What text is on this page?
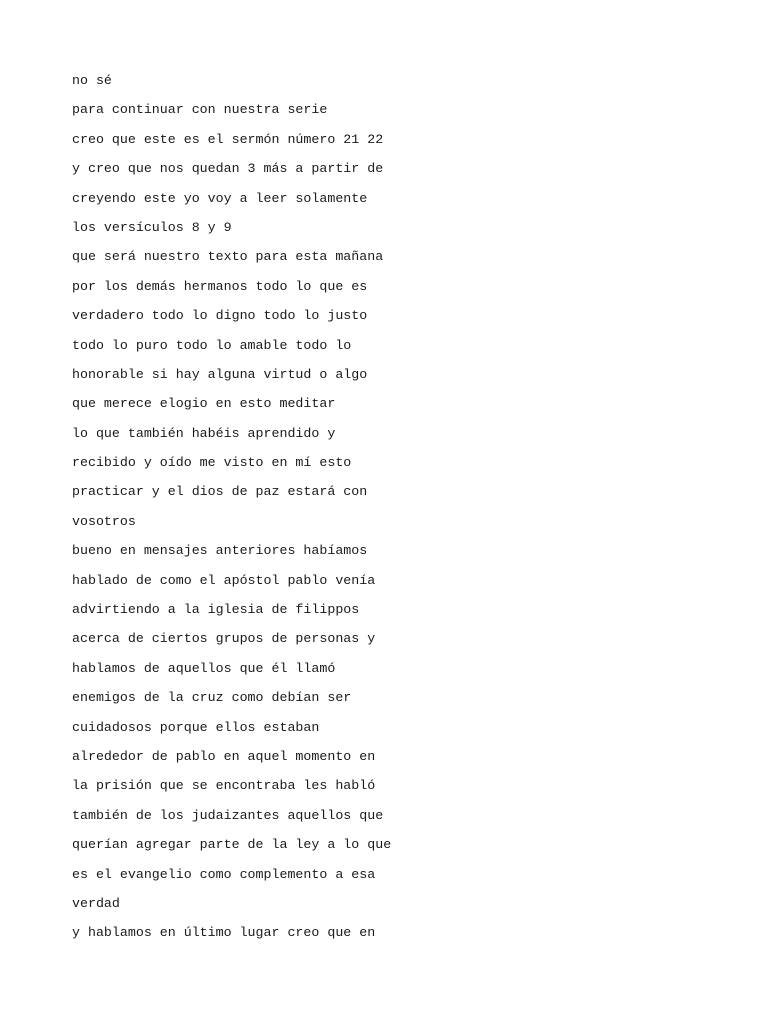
no sé
para continuar con nuestra serie
creo que este es el sermón número 21 22
y creo que nos quedan 3 más a partir de
creyendo este yo voy a leer solamente
los versículos 8 y 9
que será nuestro texto para esta mañana
por los demás hermanos todo lo que es
verdadero todo lo digno todo lo justo
todo lo puro todo lo amable todo lo
honorable si hay alguna virtud o algo
que merece elogio en esto meditar
lo que también habéis aprendido y
recibido y oído me visto en mí esto
practicar y el dios de paz estará con
vosotros
bueno en mensajes anteriores habíamos
hablado de como el apóstol pablo venía
advirtiendo a la iglesia de filippos
acerca de ciertos grupos de personas y
hablamos de aquellos que él llamó
enemigos de la cruz como debían ser
cuidadosos porque ellos estaban
alrededor de pablo en aquel momento en
la prisión que se encontraba les habló
también de los judaizantes aquellos que
querían agregar parte de la ley a lo que
es el evangelio como complemento a esa
verdad
y hablamos en último lugar creo que en
